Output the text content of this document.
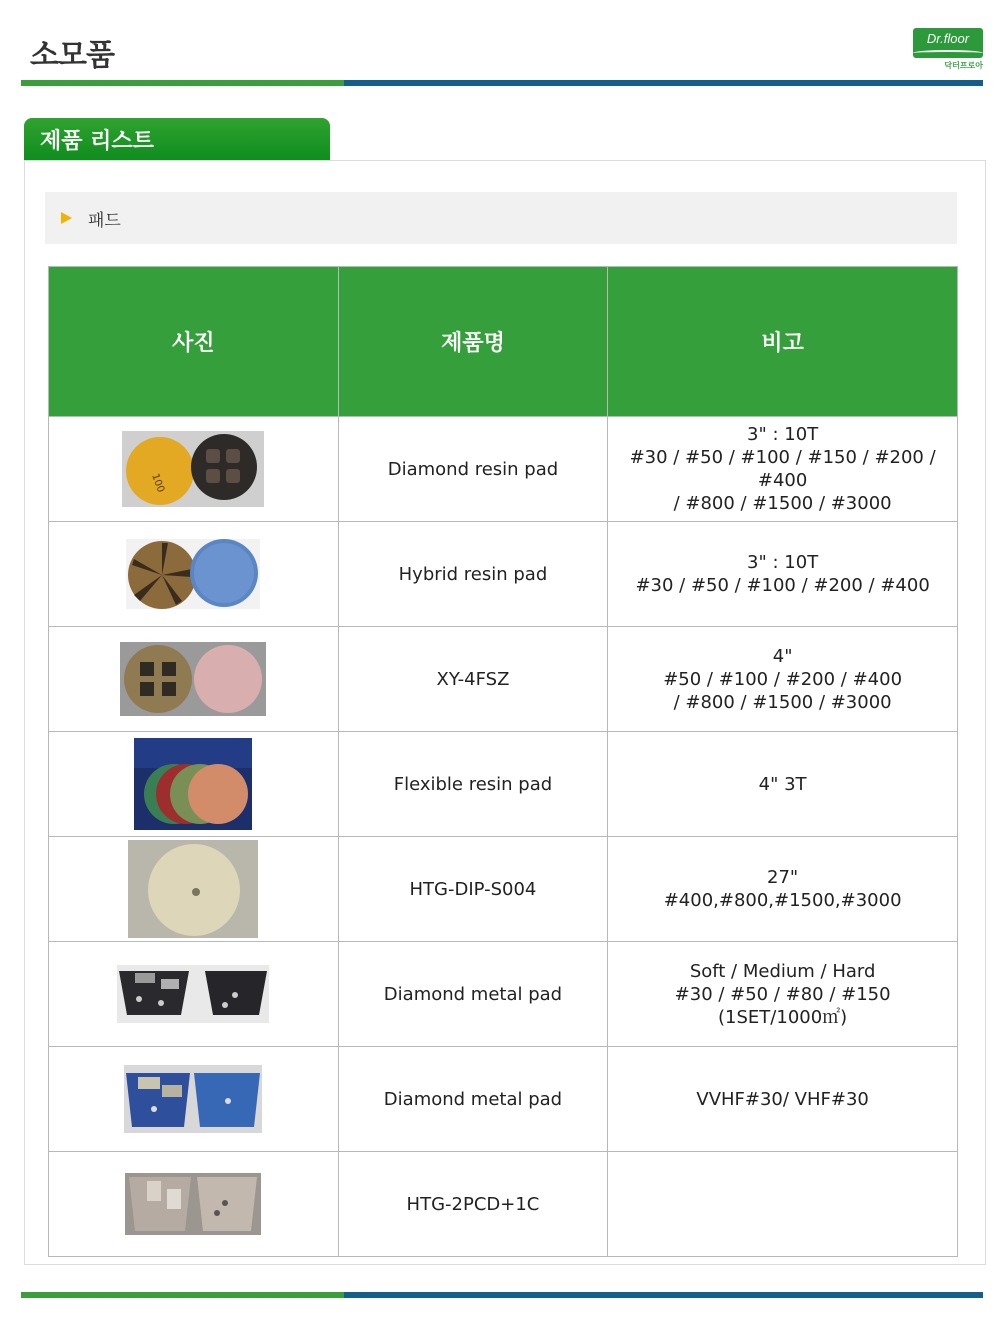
소모품	Dr.floor
닥터프로아
제품 리스트
패드
사진	제품명	비고

100	Diamond resin pad	3" : 10T
#30 / #50 / #100 / #150 / #200 / #400
/ #800 / #1500 / #3000
	Hybrid resin pad	3" : 10T
#30 / #50 / #100 / #200 / #400
	XY-4FSZ	4"
#50 / #100 / #200 / #400
/ #800 / #1500 / #3000
	Flexible resin pad	4" 3T
	HTG-DIP-S004	27"
#400,#800,#1500,#3000
	Diamond metal pad	Soft / Medium / Hard
#30 / #50 / #80 / #150
(1SET/1000㎡)
	Diamond metal pad	VVHF#30/ VHF#30
	HTG-2PCD+1C	
